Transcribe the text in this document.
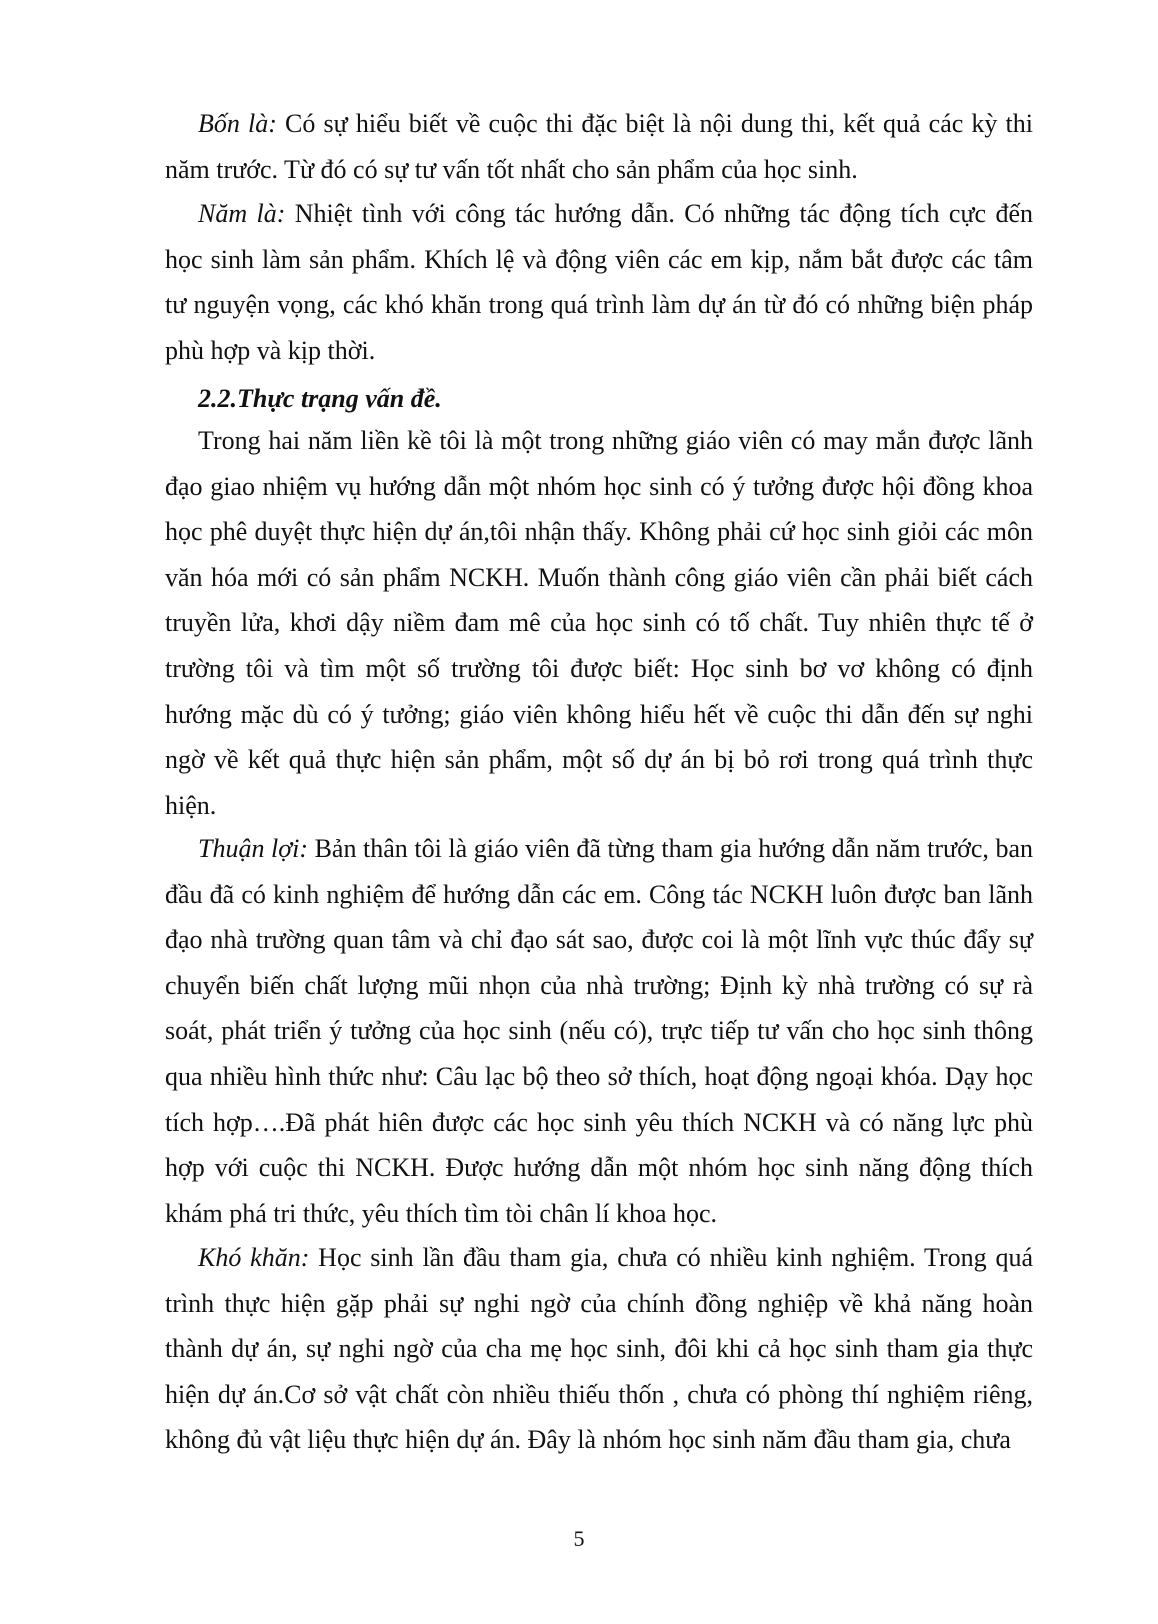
Bốn là: Có sự hiểu biết về cuộc thi đặc biệt là nội dung thi, kết quả các kỳ thi năm trước. Từ đó có sự tư vấn tốt nhất cho sản phẩm của học sinh.

Năm là: Nhiệt tình với công tác hướng dẫn. Có những tác động tích cực đến học sinh làm sản phẩm. Khích lệ và động viên các em kịp, nắm bắt được các tâm tư nguyện vọng, các khó khăn trong quá trình làm dự án từ đó có những biện pháp phù hợp và kịp thời.

2.2.Thực trạng vấn đề.

Trong hai năm liền kề tôi là một trong những giáo viên có may mắn được lãnh đạo giao nhiệm vụ hướng dẫn một nhóm học sinh có ý tưởng được hội đồng khoa học phê duyệt thực hiện dự án,tôi nhận thấy. Không phải cứ học sinh giỏi các môn văn hóa mới có sản phẩm NCKH. Muốn thành công giáo viên cần phải biết cách truyền lửa, khơi dậy niềm đam mê của học sinh có tố chất. Tuy nhiên thực tế ở trường tôi và tìm một số trường tôi được biết: Học sinh bơ vơ không có định hướng mặc dù có ý tưởng; giáo viên không hiểu hết về cuộc thi dẫn đến sự nghi ngờ về kết quả thực hiện sản phẩm, một số dự án bị bỏ rơi trong quá trình thực hiện.

Thuận lợi: Bản thân tôi là giáo viên đã từng tham gia hướng dẫn năm trước, ban đầu đã có kinh nghiệm để hướng dẫn các em. Công tác NCKH luôn được ban lãnh đạo nhà trường quan tâm và chỉ đạo sát sao, được coi là một lĩnh vực thúc đẩy sự chuyển biến chất lượng mũi nhọn của nhà trường; Định kỳ nhà trường có sự rà soát, phát triển ý tưởng của học sinh (nếu có), trực tiếp tư vấn cho học sinh thông qua nhiều hình thức như: Câu lạc bộ theo sở thích, hoạt động ngoại khóa. Dạy học tích hợp….Đã phát hiên được các học sinh yêu thích NCKH và có năng lực phù hợp với cuộc thi NCKH. Được hướng dẫn một nhóm học sinh năng động thích khám phá tri thức, yêu thích tìm tòi chân lí khoa học.

Khó khăn: Học sinh lần đầu tham gia, chưa có nhiều kinh nghiệm. Trong quá trình thực hiện gặp phải sự nghi ngờ của chính đồng nghiệp về khả năng hoàn thành dự án, sự nghi ngờ của cha mẹ học sinh, đôi khi cả học sinh tham gia thực hiện dự án.Cơ sở vật chất còn nhiều thiếu thốn , chưa có phòng thí nghiệm riêng, không đủ vật liệu thực hiện dự án. Đây là nhóm học sinh năm đầu tham gia, chưa

5
